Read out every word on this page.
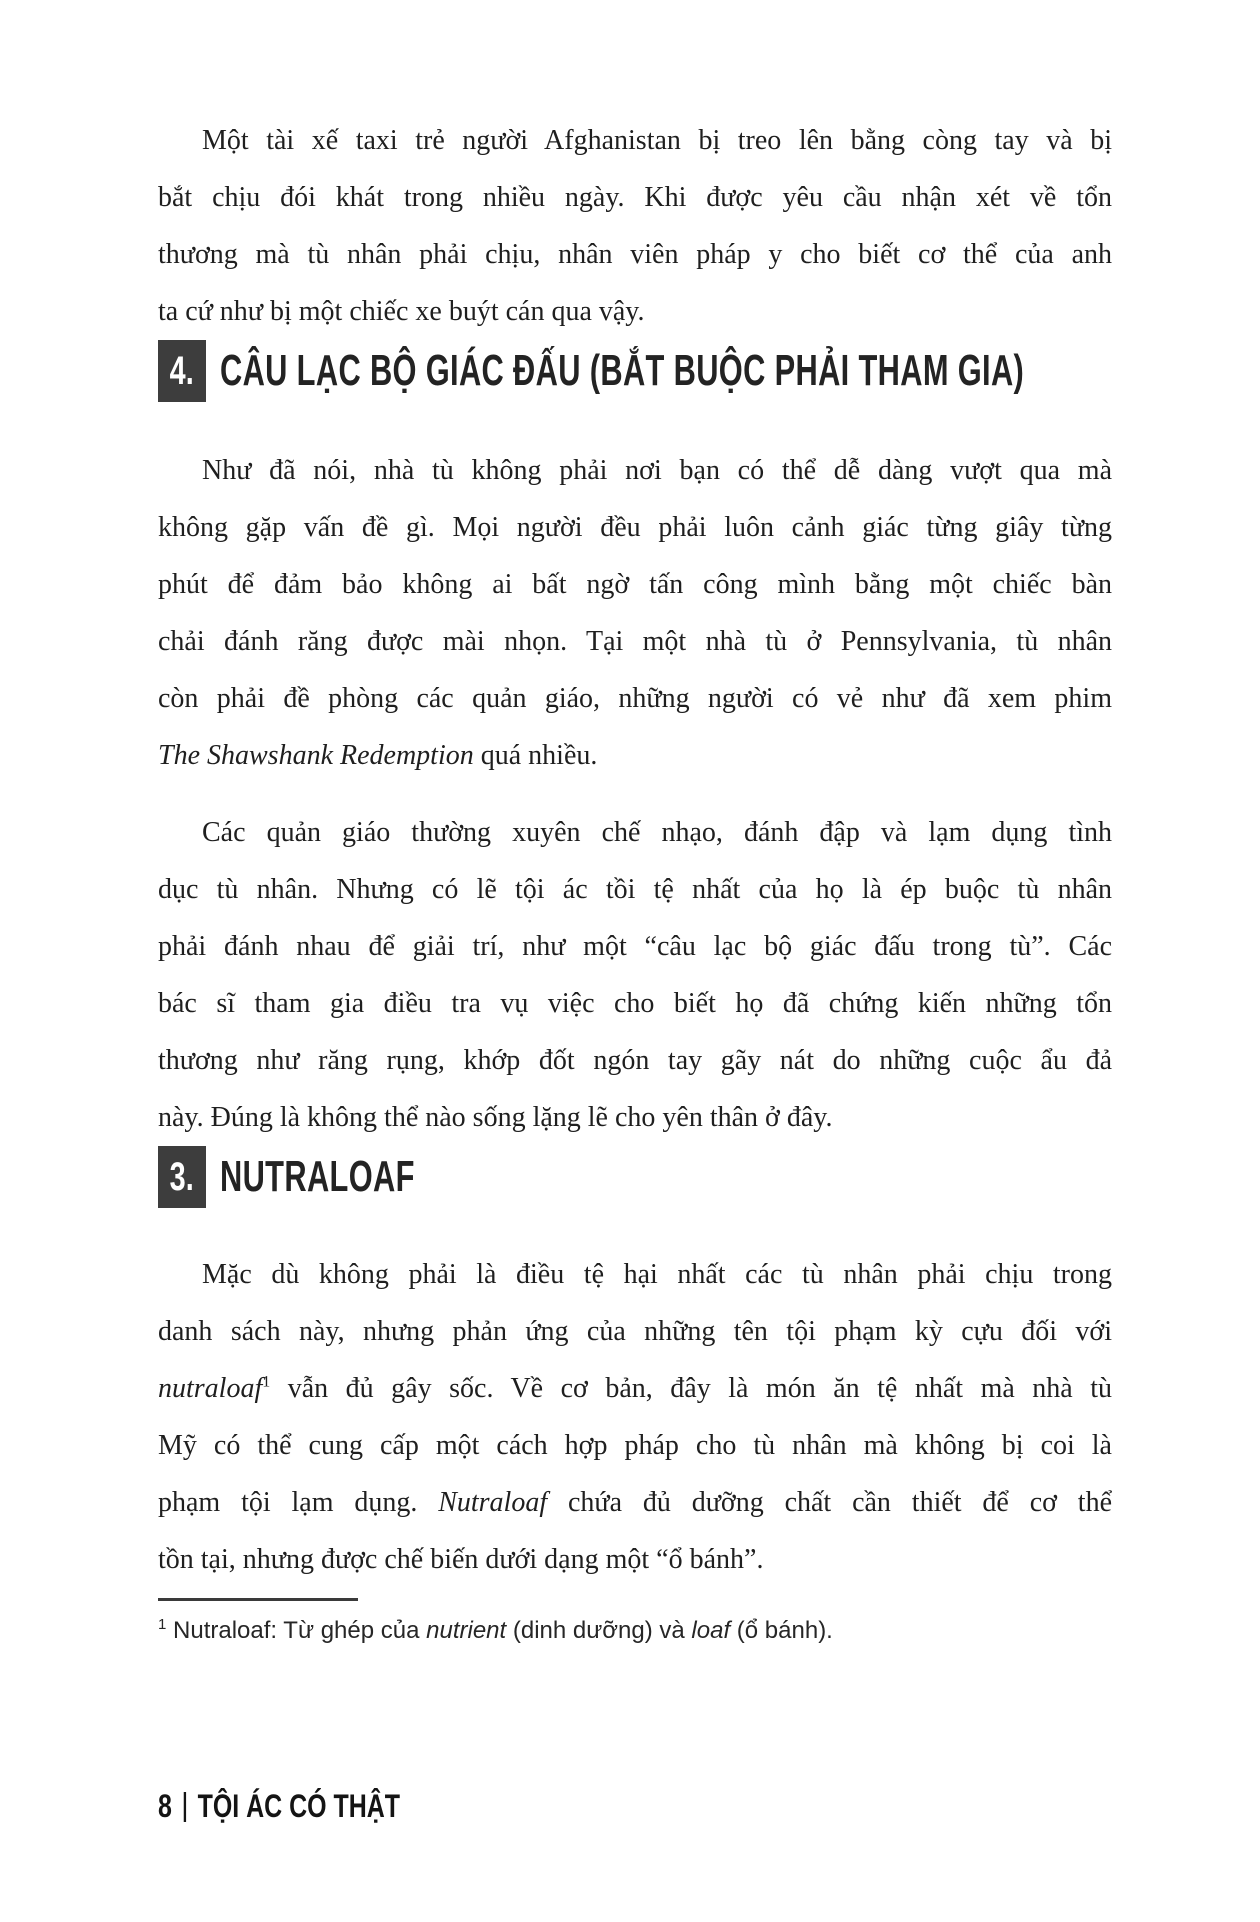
Một tài xế taxi trẻ người Afghanistan bị treo lên bằng còng tay và bị
bắt chịu đói khát trong nhiều ngày. Khi được yêu cầu nhận xét về tổn
thương mà tù nhân phải chịu, nhân viên pháp y cho biết cơ thể của anh
ta cứ như bị một chiếc xe buýt cán qua vậy.

4. CÂU LẠC BỘ GIÁC ĐẤU (BẮT BUỘC PHẢI THAM GIA)

Như đã nói, nhà tù không phải nơi bạn có thể dễ dàng vượt qua mà
không gặp vấn đề gì. Mọi người đều phải luôn cảnh giác từng giây từng
phút để đảm bảo không ai bất ngờ tấn công mình bằng một chiếc bàn
chải đánh răng được mài nhọn. Tại một nhà tù ở Pennsylvania, tù nhân
còn phải đề phòng các quản giáo, những người có vẻ như đã xem phim
The Shawshank Redemption quá nhiều.

Các quản giáo thường xuyên chế nhạo, đánh đập và lạm dụng tình
dục tù nhân. Nhưng có lẽ tội ác tồi tệ nhất của họ là ép buộc tù nhân
phải đánh nhau để giải trí, như một “câu lạc bộ giác đấu trong tù”. Các
bác sĩ tham gia điều tra vụ việc cho biết họ đã chứng kiến những tổn
thương như răng rụng, khớp đốt ngón tay gãy nát do những cuộc ẩu đả
này. Đúng là không thể nào sống lặng lẽ cho yên thân ở đây.

3. NUTRALOAF

Mặc dù không phải là điều tệ hại nhất các tù nhân phải chịu trong
danh sách này, nhưng phản ứng của những tên tội phạm kỳ cựu đối với
nutraloaf$^1$ vẫn đủ gây sốc. Về cơ bản, đây là món ăn tệ nhất mà nhà tù
Mỹ có thể cung cấp một cách hợp pháp cho tù nhân mà không bị coi là
phạm tội lạm dụng. Nutraloaf chứa đủ dưỡng chất cần thiết để cơ thể
tồn tại, nhưng được chế biến dưới dạng một “ổ bánh”.

$^1$ Nutraloaf: Từ ghép của nutrient (dinh dưỡng) và loaf (ổ bánh).

8 TỘI ÁC CÓ THẬT
